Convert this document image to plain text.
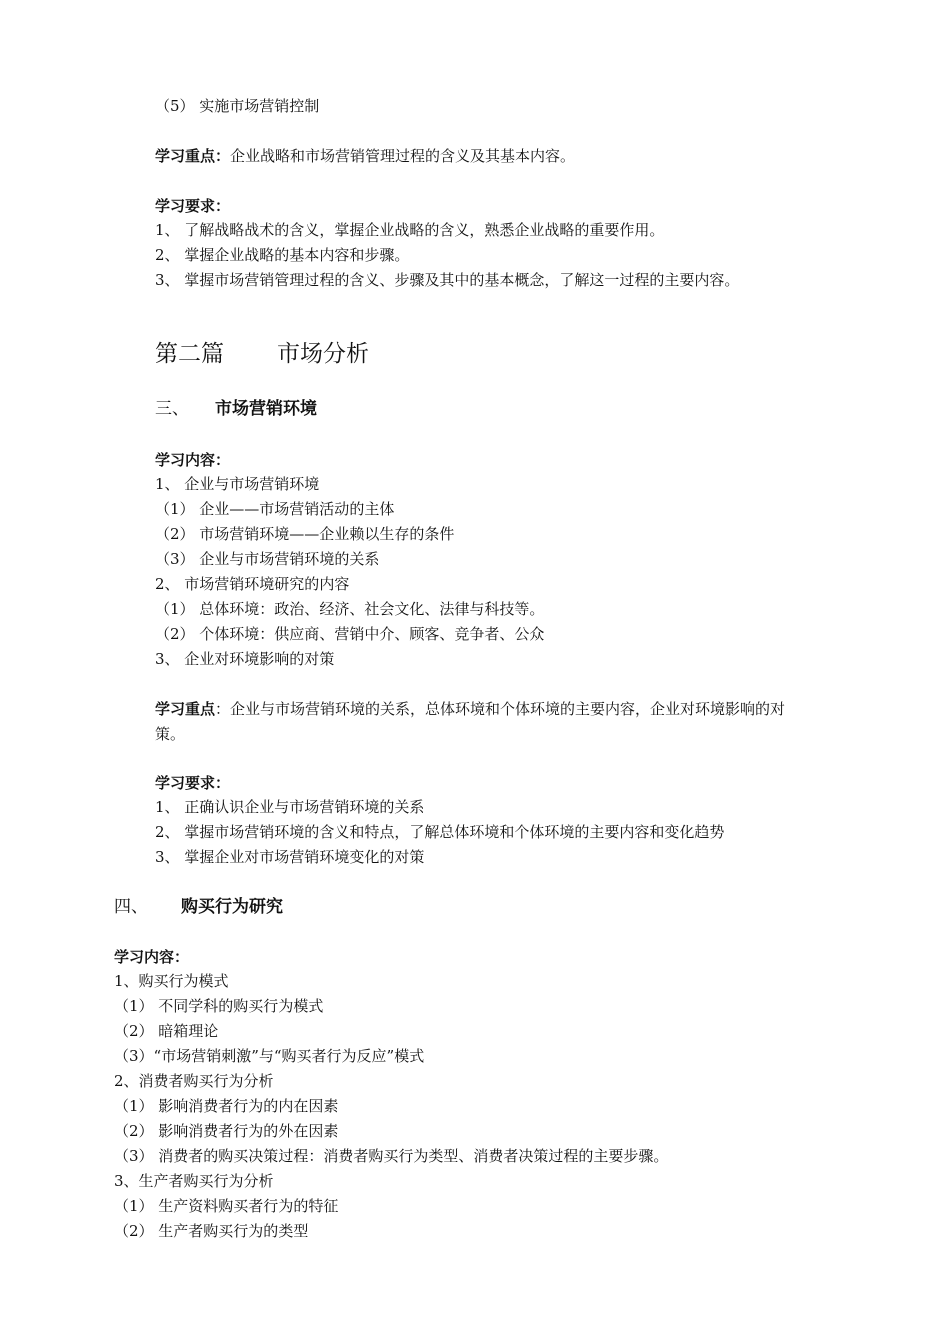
（5） 实施市场营销控制
学习重点：企业战略和市场营销管理过程的含义及其基本内容。
学习要求：
1、 了解战略战术的含义，掌握企业战略的含义，熟悉企业战略的重要作用。
2、 掌握企业战略的基本内容和步骤。
3、 掌握市场营销管理过程的含义、步骤及其中的基本概念，了解这一过程的主要内容。
第二篇 市场分析
三、 市场营销环境
学习内容：
1、 企业与市场营销环境
（1） 企业——市场营销活动的主体
（2） 市场营销环境——企业赖以生存的条件
（3） 企业与市场营销环境的关系
2、 市场营销环境研究的内容
（1） 总体环境：政治、经济、社会文化、法律与科技等。
（2） 个体环境：供应商、营销中介、顾客、竞争者、公众
3、 企业对环境影响的对策
学习重点：企业与市场营销环境的关系，总体环境和个体环境的主要内容，企业对环境影响的对
策。
学习要求：
1、 正确认识企业与市场营销环境的关系
2、 掌握市场营销环境的含义和特点，了解总体环境和个体环境的主要内容和变化趋势
3、 掌握企业对市场营销环境变化的对策
四、 购买行为研究
学习内容：
1、购买行为模式
（1） 不同学科的购买行为模式
（2） 暗箱理论
（3）“市场营销刺激”与“购买者行为反应”模式
2、消费者购买行为分析
（1） 影响消费者行为的内在因素
（2） 影响消费者行为的外在因素
（3） 消费者的购买决策过程：消费者购买行为类型、消费者决策过程的主要步骤。
3、生产者购买行为分析
（1） 生产资料购买者行为的特征
（2） 生产者购买行为的类型
